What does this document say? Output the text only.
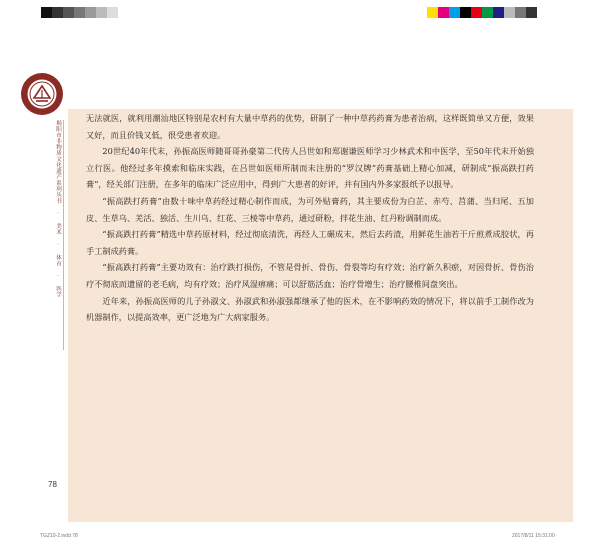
揭阳市非物质文化遗产系列丛书 · 美术 · 体育 · 医学
78

无法就医，就利用潮汕地区特别是农村有大量中草药的优势，研制了一种中草药药膏为患者治病，这样既简单又方便，效果又好，而且价钱又低，很受患者欢迎。

20世纪40年代末，孙振高医师随哥哥孙豪第二代传人吕世如和郑谢谦医师学习少林武术和中医学，至50年代末开始独立行医。他经过多年摸索和临床实践，在吕世如医师所制而未注册的“罗汉牌”药膏基础上精心加减，研制成“振高跌打药膏”，经关部门注册，在多年的临床广泛应用中，得到广大患者的好评，并有国内外多家报纸予以报导。

“振高跌打药膏”由数十味中草药经过精心制作而成，为可外贴膏药，其主要成份为白芷、赤芍、莒蒲、当归尾、五加皮、生草乌、羌活、独活、生川乌、红花、三棱等中草药，通过研粉，拌花生油、红丹粉调制而成。

“振高跌打药膏”精选中草药原材料，经过彻底清洗，再经人工碾成末，然后去药渣，用鲜花生油若干斤煎煮成胶状，再手工制成药膏。

“振高跌打药膏”主要功效有：治疗跌打损伤，不管是骨折、骨伤、骨裂等均有疗效；治疗新久积瘀，对因骨折、骨伤治疗不彻底而遗留的老毛病，均有疗效；治疗风湿痹痛；可以舒筋活血；治疗骨增生；治疗腰椎间盘突出。

近年来，孙振高医师的儿子孙淑文、孙淑武和孙淑强都继承了他的医术，在不影响药效的情况下，将以前手工制作改为机器制作，以提高效率，更广泛地为广大病家服务。

TGZ10-2.indd 78	2017/8/11 15:31:00
